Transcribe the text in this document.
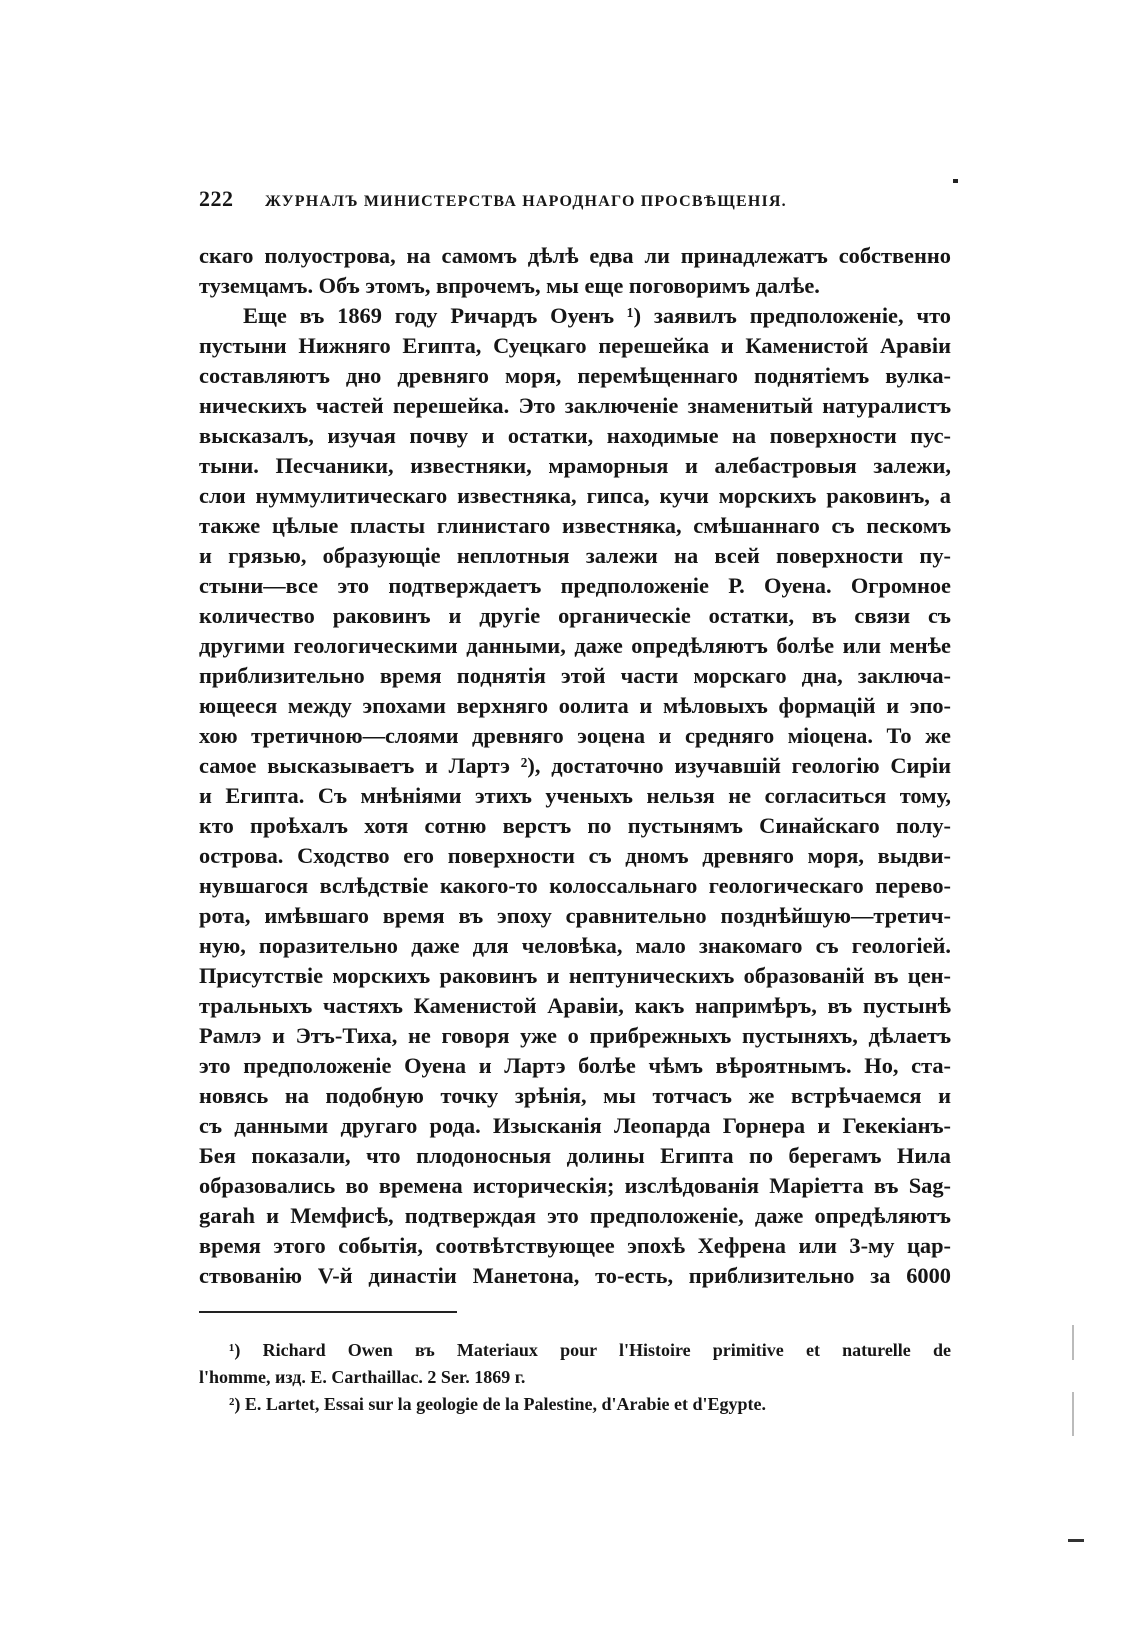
222 ЖУРНАЛЪ МИНИСТЕРСТВА НАРОДНАГО ПРОСВѢЩЕНІЯ.
скаго полуострова, на самомъ дѣлѣ едва ли принадлежатъ собственно
туземцамъ. Объ этомъ, впрочемъ, мы еще поговоримъ далѣе.
Еще въ 1869 году Ричардъ Оуенъ ¹) заявилъ предположеніе, что
пустыни Нижняго Египта, Суецкаго перешейка и Каменистой Аравіи
составляютъ дно древняго моря, перемѣщеннаго поднятіемъ вулка-
ническихъ частей перешейка. Это заключеніе знаменитый натуралистъ
высказалъ, изучая почву и остатки, находимые на поверхности пус-
тыни. Песчаники, известняки, мраморныя и алебастровыя залежи,
слои нуммулитическаго известняка, гипса, кучи морскихъ раковинъ, а
также цѣлые пласты глинистаго известняка, смѣшаннаго съ пескомъ
и грязью, образующіе неплотныя залежи на всей поверхности пу-
стыни—все это подтверждаетъ предположеніе Р. Оуена. Огромное
количество раковинъ и другіе органическіе остатки, въ связи съ
другими геологическими данными, даже опредѣляютъ болѣе или менѣе
приблизительно время поднятія этой части морскаго дна, заключа-
ющееся между эпохами верхняго оолита и мѣловыхъ формацій и эпо-
хою третичною—слоями древняго эоцена и средняго міоцена. То же
самое высказываетъ и Лартэ ²), достаточно изучавшій геологію Сиріи
и Египта. Съ мнѣніями этихъ ученыхъ нельзя не согласиться тому,
кто проѣхалъ хотя сотню верстъ по пустынямъ Синайскаго полу-
острова. Сходство его поверхности съ дномъ древняго моря, выдви-
нувшагося вслѣдствіе какого-то колоссальнаго геологическаго перево-
рота, имѣвшаго время въ эпоху сравнительно позднѣйшую—третич-
ную, поразительно даже для человѣка, мало знакомаго съ геологіей.
Присутствіе морскихъ раковинъ и нептуническихъ образованій въ цен-
тральныхъ частяхъ Каменистой Аравіи, какъ напримѣръ, въ пустынѣ
Рамлэ и Этъ-Тиха, не говоря уже о прибрежныхъ пустыняхъ, дѣлаетъ
это предположеніе Оуена и Лартэ болѣе чѣмъ вѣроятнымъ. Но, ста-
новясь на подобную точку зрѣнія, мы тотчасъ же встрѣчаемся и
съ данными другаго рода. Изысканія Леопарда Горнера и Гекекіанъ-
Бея показали, что плодоносныя долины Египта по берегамъ Нила
образовались во времена историческія; изслѣдованія Маріетта въ Sag-
garah и Мемфисѣ, подтверждая это предположеніе, даже опредѣляютъ
время этого событія, соотвѣтствующее эпохѣ Хефрена или 3-му цар-
ствованію V-й династіи Манетона, то-есть, приблизительно за 6000
¹) Richard Owen въ Materiaux pour l'Histoire primitive et naturelle de
l'homme, изд. E. Carthaillac. 2 Ser. 1869 г.
²) E. Lartet, Essai sur la geologie de la Palestine, d'Arabie et d'Egypte.
